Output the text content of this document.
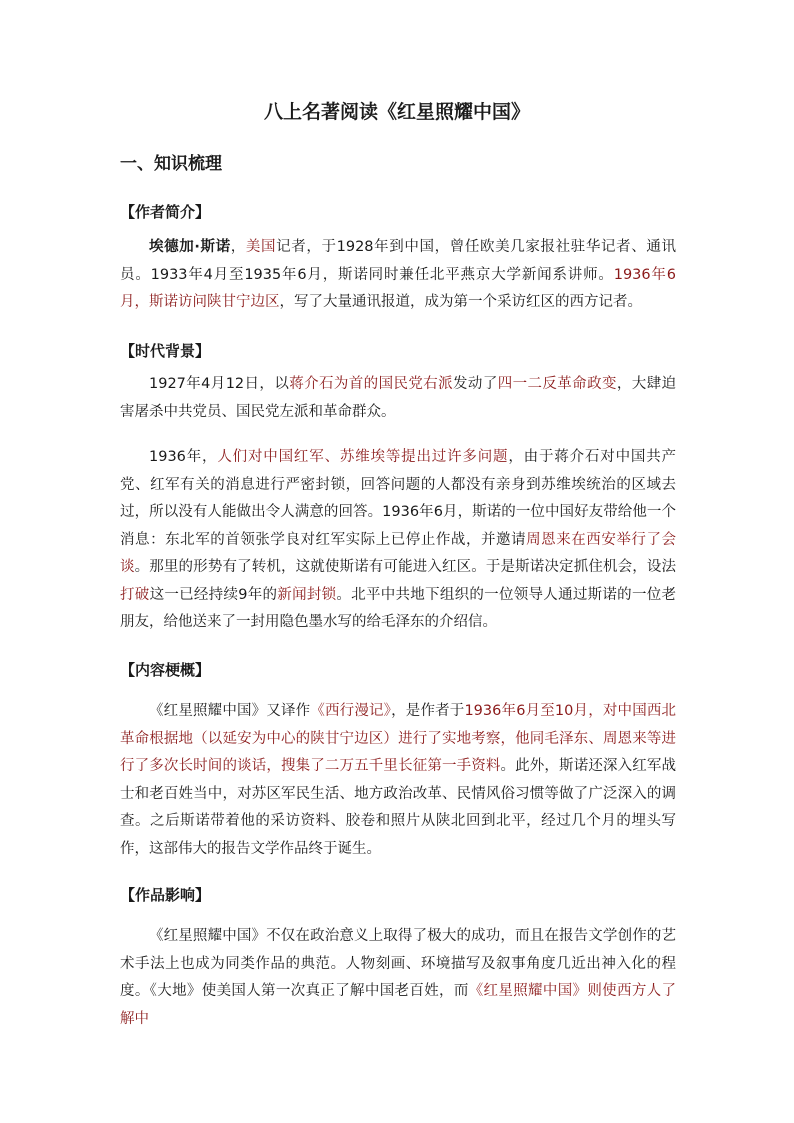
八上名著阅读《红星照耀中国》
一、知识梳理
【作者简介】
埃德加·斯诺，美国记者，于1928年到中国，曾任欧美几家报社驻华记者、通讯员。1933年4月至1935年6月，斯诺同时兼任北平燕京大学新闻系讲师。1936年6月，斯诺访问陕甘宁边区，写了大量通讯报道，成为第一个采访红区的西方记者。
【时代背景】
1927年4月12日，以蒋介石为首的国民党右派发动了四一二反革命政变，大肆迫害屠杀中共党员、国民党左派和革命群众。
1936年，人们对中国红军、苏维埃等提出过许多问题，由于蒋介石对中国共产党、红军有关的消息进行严密封锁，回答问题的人都没有亲身到苏维埃统治的区域去过，所以没有人能做出令人满意的回答。1936年6月，斯诺的一位中国好友带给他一个消息：东北军的首领张学良对红军实际上已停止作战，并邀请周恩来在西安举行了会谈。那里的形势有了转机，这就使斯诺有可能进入红区。于是斯诺决定抓住机会，设法打破这一已经持续9年的新闻封锁。北平中共地下组织的一位领导人通过斯诺的一位老朋友，给他送来了一封用隐色墨水写的给毛泽东的介绍信。
【内容梗概】
《红星照耀中国》又译作《西行漫记》，是作者于1936年6月至10月，对中国西北革命根据地（以延安为中心的陕甘宁边区）进行了实地考察，他同毛泽东、周恩来等进行了多次长时间的谈话，搜集了二万五千里长征第一手资料。此外，斯诺还深入红军战士和老百姓当中，对苏区军民生活、地方政治改革、民情风俗习惯等做了广泛深入的调查。之后斯诺带着他的采访资料、胶卷和照片从陕北回到北平，经过几个月的埋头写作，这部伟大的报告文学作品终于诞生。
【作品影响】
《红星照耀中国》不仅在政治意义上取得了极大的成功，而且在报告文学创作的艺术手法上也成为同类作品的典范。人物刻画、环境描写及叙事角度几近出神入化的程度。《大地》使美国人第一次真正了解中国老百姓，而《红星照耀中国》则使西方人了解中
